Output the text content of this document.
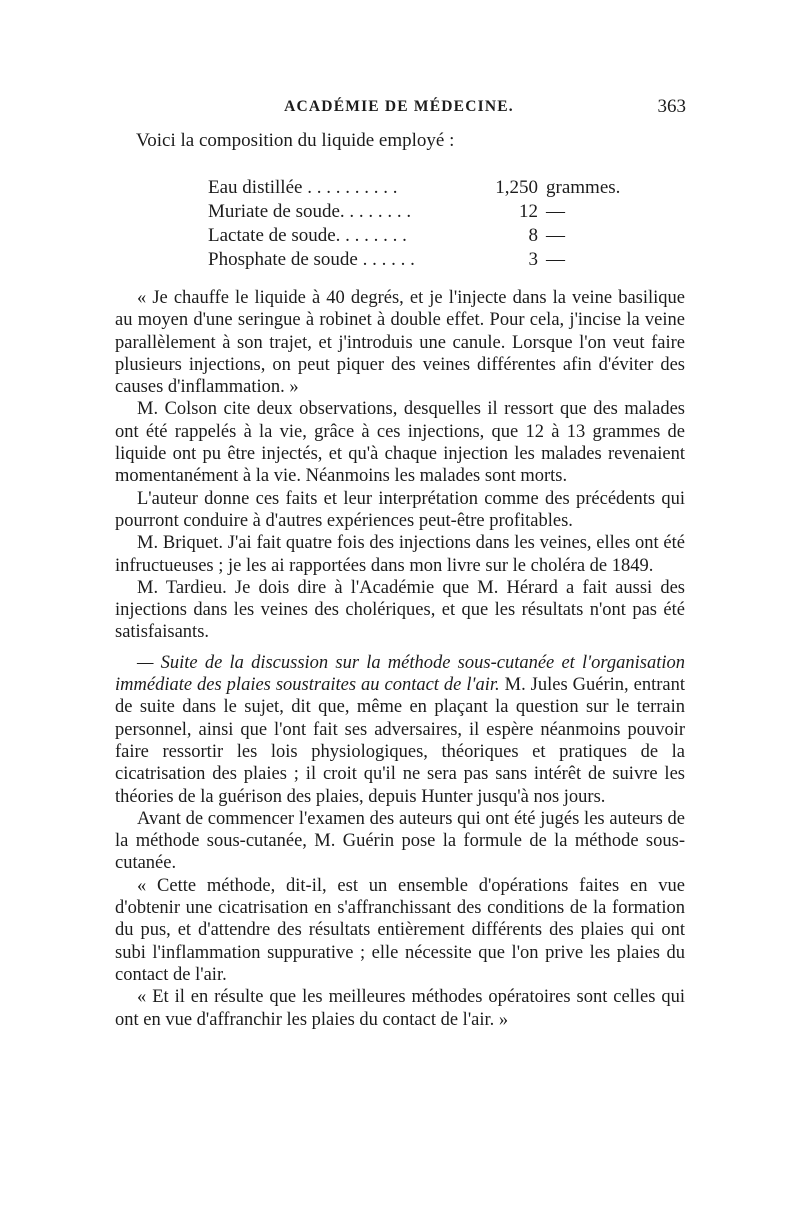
ACADÉMIE DE MÉDECINE.	363
Voici la composition du liquide employé :
Eau distillée . . . . . . . . . .	1,250 grammes.
Muriate de soude. . . . . . . .	12 —
Lactate de soude. . . . . . . .	8 —
Phosphate de soude . . . . . .	3 —

« Je chauffe le liquide à 40 degrés, et je l'injecte dans la veine basilique au moyen d'une seringue à robinet à double effet. Pour cela, j'incise la veine parallèlement à son trajet, et j'introduis une canule. Lorsque l'on veut faire plusieurs injections, on peut piquer des veines différentes afin d'éviter des causes d'inflammation. »

M. Colson cite deux observations, desquelles il ressort que des malades ont été rappelés à la vie, grâce à ces injections, que 12 à 13 grammes de liquide ont pu être injectés, et qu'à chaque injection les malades revenaient momentanément à la vie. Néanmoins les malades sont morts.

L'auteur donne ces faits et leur interprétation comme des précédents qui pourront conduire à d'autres expériences peut-être profitables.

M. Briquet. J'ai fait quatre fois des injections dans les veines, elles ont été infructueuses ; je les ai rapportées dans mon livre sur le choléra de 1849.

M. Tardieu. Je dois dire à l'Académie que M. Hérard a fait aussi des injections dans les veines des cholériques, et que les résultats n'ont pas été satisfaisants.

— Suite de la discussion sur la méthode sous-cutanée et l'organisation immédiate des plaies soustraites au contact de l'air. M. Jules Guérin, entrant de suite dans le sujet, dit que, même en plaçant la question sur le terrain personnel, ainsi que l'ont fait ses adversaires, il espère néanmoins pouvoir faire ressortir les lois physiologiques, théoriques et pratiques de la cicatrisation des plaies ; il croit qu'il ne sera pas sans intérêt de suivre les théories de la guérison des plaies, depuis Hunter jusqu'à nos jours.

Avant de commencer l'examen des auteurs qui ont été jugés les auteurs de la méthode sous-cutanée, M. Guérin pose la formule de la méthode sous-cutanée.

« Cette méthode, dit-il, est un ensemble d'opérations faites en vue d'obtenir une cicatrisation en s'affranchissant des conditions de la formation du pus, et d'attendre des résultats entièrement différents des plaies qui ont subi l'inflammation suppurative ; elle nécessite que l'on prive les plaies du contact de l'air.

« Et il en résulte que les meilleures méthodes opératoires sont celles qui ont en vue d'affranchir les plaies du contact de l'air. »
